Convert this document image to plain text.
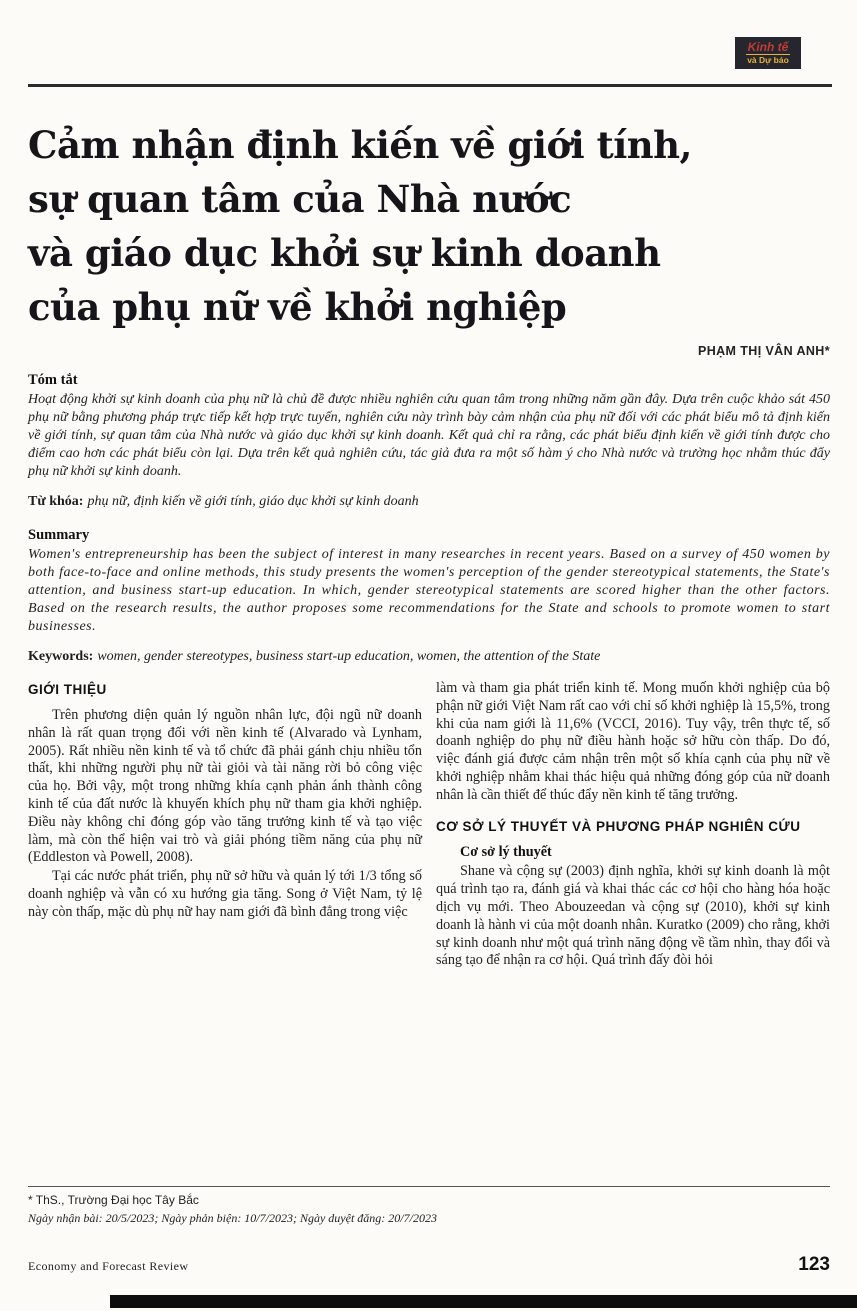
Kinh tế
và Dự báo
Cảm nhận định kiến về giới tính,
sự quan tâm của Nhà nước
và giáo dục khởi sự kinh doanh
của phụ nữ về khởi nghiệp
PHẠM THỊ VÂN ANH*
Tóm tắt
Hoạt động khởi sự kinh doanh của phụ nữ là chủ đề được nhiều nghiên cứu quan tâm trong những năm gần đây. Dựa trên cuộc khảo sát 450 phụ nữ bằng phương pháp trực tiếp kết hợp trực tuyến, nghiên cứu này trình bày cảm nhận của phụ nữ đối với các phát biểu mô tả định kiến về giới tính, sự quan tâm của Nhà nước và giáo dục khởi sự kinh doanh. Kết quả chỉ ra rằng, các phát biểu định kiến về giới tính được cho điểm cao hơn các phát biểu còn lại. Dựa trên kết quả nghiên cứu, tác giả đưa ra một số hàm ý cho Nhà nước và trường học nhằm thúc đẩy phụ nữ khởi sự kinh doanh.
Từ khóa: phụ nữ, định kiến về giới tính, giáo dục khởi sự kinh doanh
Summary
Women's entrepreneurship has been the subject of interest in many researches in recent years. Based on a survey of 450 women by both face-to-face and online methods, this study presents the women's perception of the gender stereotypical statements, the State's attention, and business start-up education. In which, gender stereotypical statements are scored higher than the other factors. Based on the research results, the author proposes some recommendations for the State and schools to promote women to start businesses.
Keywords: women, gender stereotypes, business start-up education, women, the attention of the State
GIỚI THIỆU

Trên phương diện quản lý nguồn nhân lực, đội ngũ nữ doanh nhân là rất quan trọng đối với nền kinh tế (Alvarado và Lynham, 2005). Rất nhiều nền kinh tế và tổ chức đã phải gánh chịu nhiều tổn thất, khi những người phụ nữ tài giỏi và tài năng rời bỏ công việc của họ. Bởi vậy, một trong những khía cạnh phản ánh thành công kinh tế của đất nước là khuyến khích phụ nữ tham gia khởi nghiệp. Điều này không chỉ đóng góp vào tăng trưởng kinh tế và tạo việc làm, mà còn thể hiện vai trò và giải phóng tiềm năng của phụ nữ (Eddleston và Powell, 2008).

Tại các nước phát triển, phụ nữ sở hữu và quản lý tới 1/3 tổng số doanh nghiệp và vẫn có xu hướng gia tăng. Song ở Việt Nam, tỷ lệ này còn thấp, mặc dù phụ nữ hay nam giới đã bình đẳng trong việc

làm và tham gia phát triển kinh tế. Mong muốn khởi nghiệp của bộ phận nữ giới Việt Nam rất cao với chỉ số khởi nghiệp là 15,5%, trong khi của nam giới là 11,6% (VCCI, 2016). Tuy vậy, trên thực tế, số doanh nghiệp do phụ nữ điều hành hoặc sở hữu còn thấp. Do đó, việc đánh giá được cảm nhận trên một số khía cạnh của phụ nữ về khởi nghiệp nhằm khai thác hiệu quả những đóng góp của nữ doanh nhân là cần thiết để thúc đẩy nền kinh tế tăng trưởng.

CƠ SỞ LÝ THUYẾT VÀ PHƯƠNG PHÁP NGHIÊN CỨU
Cơ sở lý thuyết

Shane và cộng sự (2003) định nghĩa, khởi sự kinh doanh là một quá trình tạo ra, đánh giá và khai thác các cơ hội cho hàng hóa hoặc dịch vụ mới. Theo Abouzeedan và cộng sự (2010), khởi sự kinh doanh là hành vi của một doanh nhân. Kuratko (2009) cho rằng, khởi sự kinh doanh như một quá trình năng động về tầm nhìn, thay đổi và sáng tạo để nhận ra cơ hội. Quá trình đấy đòi hỏi

* ThS., Trường Đại học Tây Bắc
Ngày nhận bài: 20/5/2023; Ngày phản biện: 10/7/2023; Ngày duyệt đăng: 20/7/2023
Economy and Forecast Review	123
